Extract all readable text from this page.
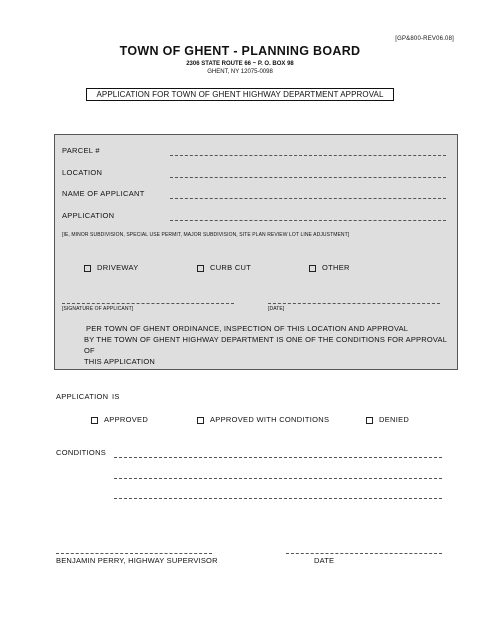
[GP&800-REV06.08]
TOWN OF GHENT - PLANNING BOARD
2306 STATE ROUTE 66 ~ P. O. BOX 98
GHENT, NY 12075-0098
APPLICATION FOR TOWN OF GHENT HIGHWAY DEPARTMENT APPROVAL
PARCEL #
LOCATION
NAME OF APPLICANT
APPLICATION
[IE, MINOR SUBDIVISION, SPECIAL USE PERMIT, MAJOR SUBDIVISION, SITE PLAN REVIEW LOT LINE ADJUSTMENT]
DRIVEWAY	CURB CUT	OTHER
[SIGNATURE OF APPLICANT]	[DATE]
PER TOWN OF GHENT ORDINANCE, INSPECTION OF THIS LOCATION AND APPROVAL
BY THE TOWN OF GHENT HIGHWAY DEPARTMENT IS ONE OF THE CONDITIONS FOR APPROVAL OF
THIS APPLICATION
APPLICATION IS
APPROVED	APPROVED WITH CONDITIONS	DENIED
CONDITIONS
BENJAMIN PERRY, HIGHWAY SUPERVISOR	DATE
